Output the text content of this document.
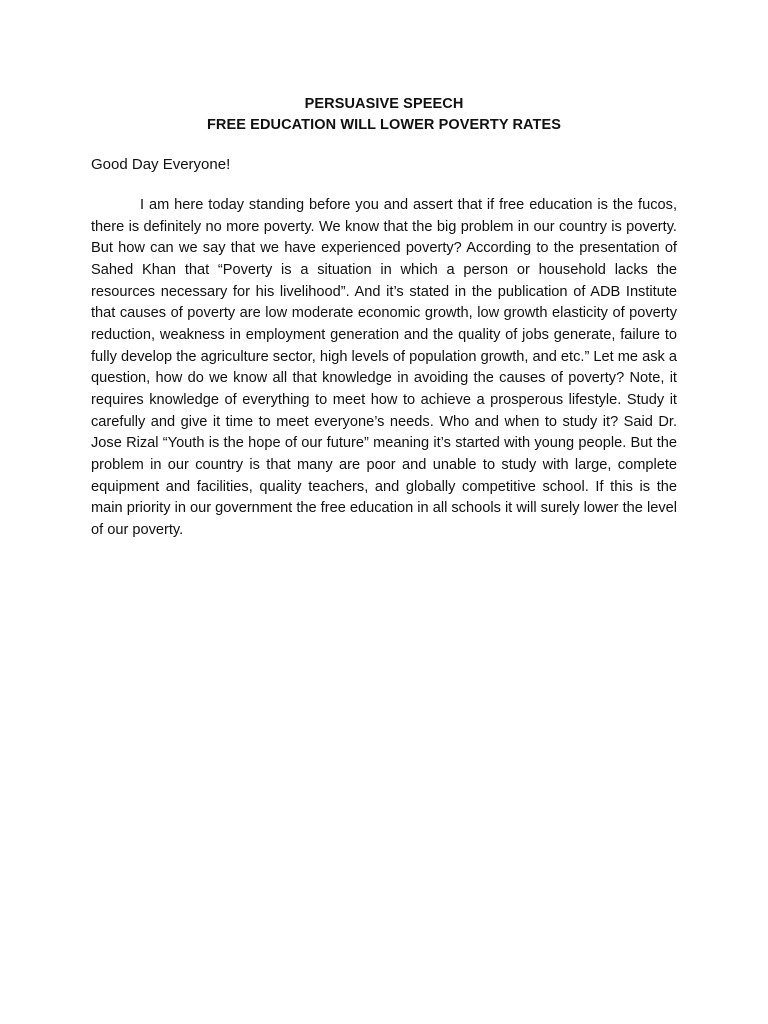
PERSUASIVE SPEECH
FREE EDUCATION WILL LOWER POVERTY RATES
Good Day Everyone!

I am here today standing before you and assert that if free education is the fucos, there is definitely no more poverty. We know that the big problem in our country is poverty. But how can we say that we have experienced poverty? According to the presentation of Sahed Khan that “Poverty is a situation in which a person or household lacks the resources necessary for his livelihood”. And it’s stated in the publication of ADB Institute that causes of poverty are low moderate economic growth, low growth elasticity of poverty reduction, weakness in employment generation and the quality of jobs generate, failure to fully develop the agriculture sector, high levels of population growth, and etc.” Let me ask a question, how do we know all that knowledge in avoiding the causes of poverty? Note, it requires knowledge of everything to meet how to achieve a prosperous lifestyle. Study it carefully and give it time to meet everyone’s needs. Who and when to study it? Said Dr. Jose Rizal “Youth is the hope of our future” meaning it’s started with young people. But the problem in our country is that many are poor and unable to study with large, complete equipment and facilities, quality teachers, and globally competitive school. If this is the main priority in our government the free education in all schools it will surely lower the level of our poverty.
